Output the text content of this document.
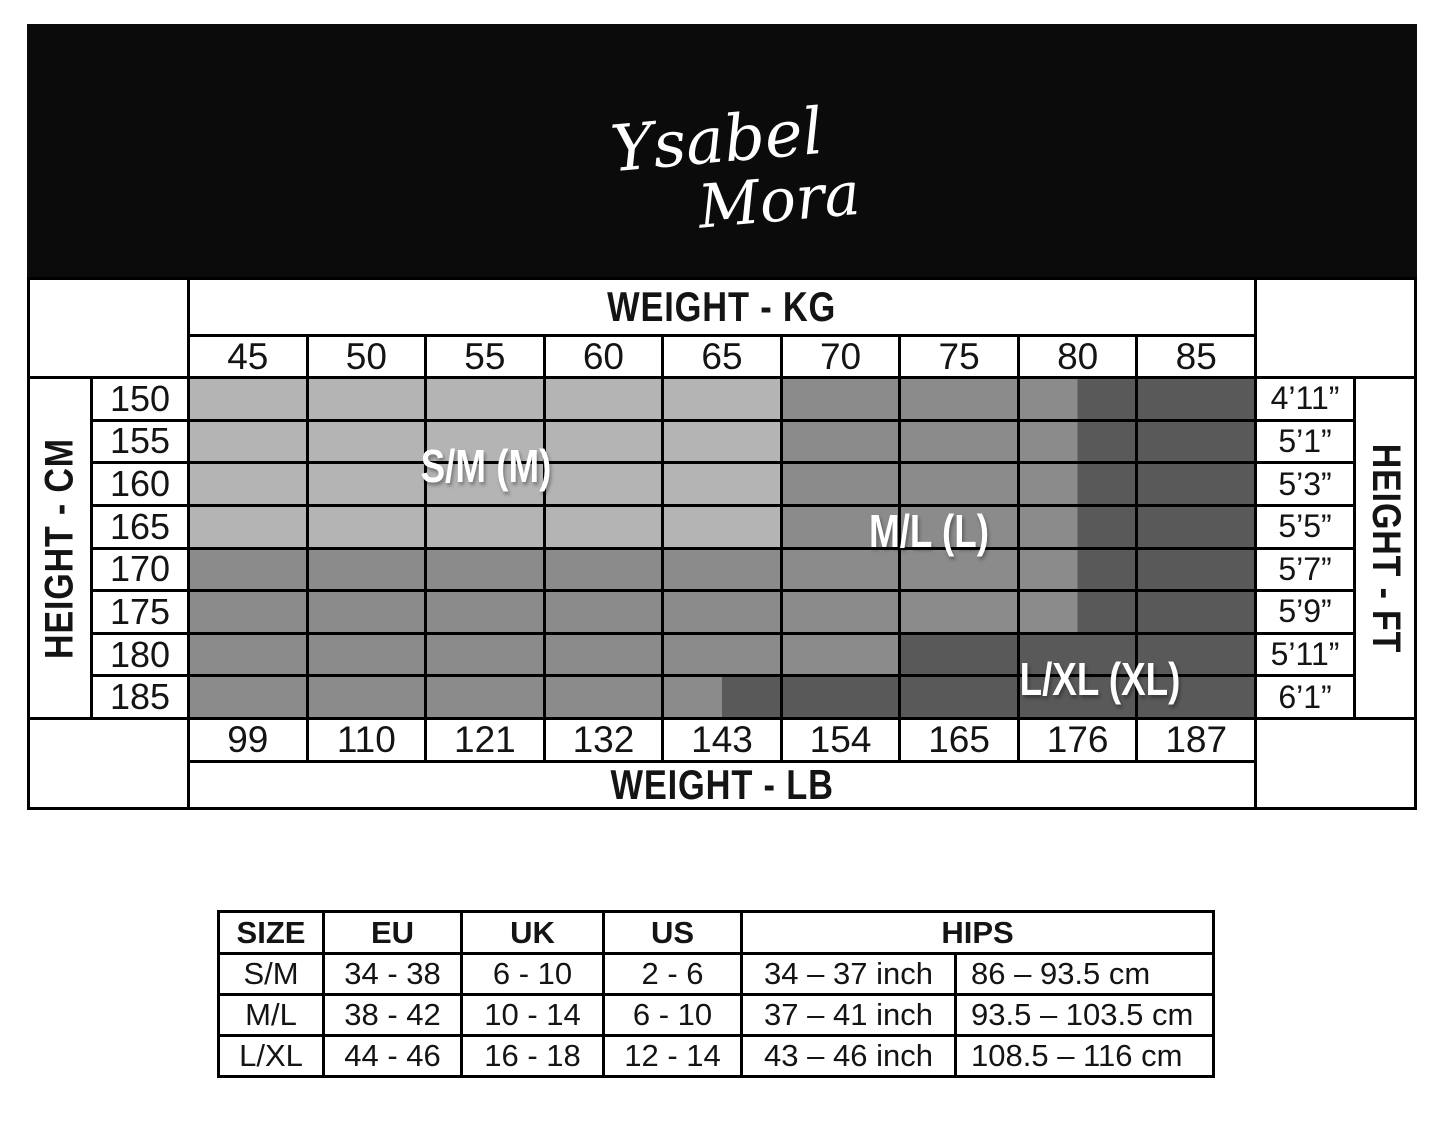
Ysabel
Mora
WEIGHT - KG
HEIGHT - CM	HEIGHT - FT
WEIGHT - LB
45	50	55	60	65	70	75	80	85
150	4’11”
155	5’1”
160	5’3”
165	5’5”
170	5’7”
175	5’9”
180	5’11”
185	6’1”
99	110	121	132	143	154	165	176	187
S/M (M)
M/L (L)
L/XL (XL)
SIZE	EU	UK	US	HIPS
S/M	34 - 38	6 - 10	2 - 6	34 – 37 inch	86 – 93.5 cm
M/L	38 - 42	10 - 14	6 - 10	37 – 41 inch	93.5 – 103.5 cm
L/XL	44 - 46	16 - 18	12 - 14	43 – 46 inch	108.5 – 116 cm
